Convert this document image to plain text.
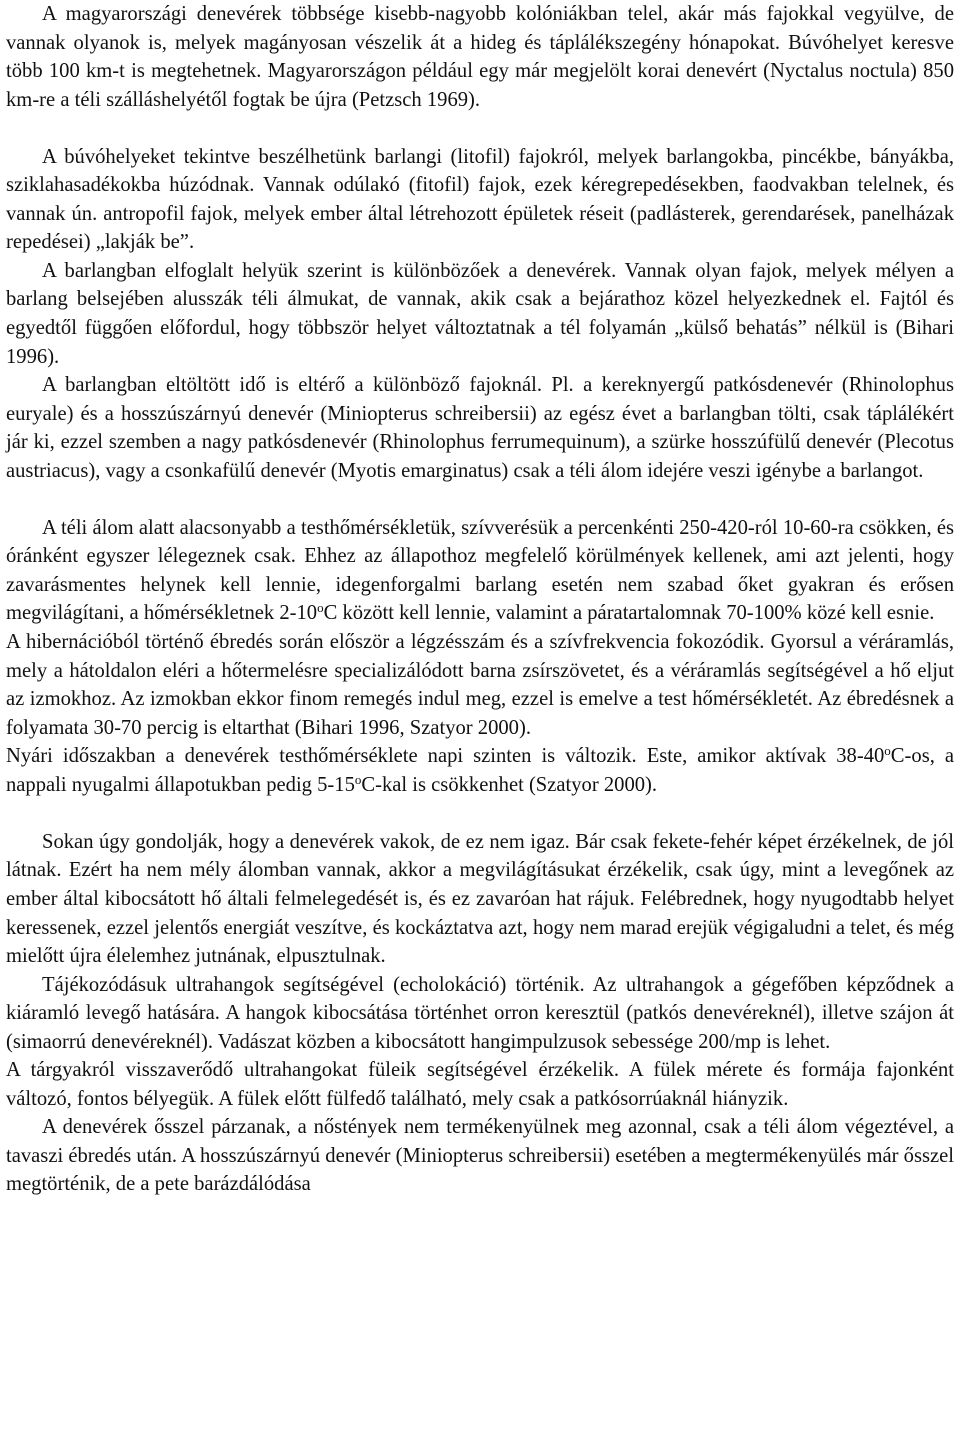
A magyarországi denevérek többsége kisebb-nagyobb kolóniákban telel, akár más fajokkal vegyülve, de vannak olyanok is, melyek magányosan vészelik át a hideg és táplálékszegény hónapokat. Búvóhelyet keresve több 100 km-t is megtehetnek. Magyarországon például egy már megjelölt korai denevért (Nyctalus noctula) 850 km-re a téli szálláshelyétől fogtak be újra (Petzsch 1969).

A búvóhelyeket tekintve beszélhetünk barlangi (litofil) fajokról, melyek barlangokba, pincékbe, bányákba, sziklahasadékokba húzódnak. Vannak odúlakó (fitofil) fajok, ezek kéregrepedésekben, faodvakban telelnek, és vannak ún. antropofil fajok, melyek ember által létrehozott épületek réseit (padlásterek, gerendarések, panelházak repedései) „lakják be”.

A barlangban elfoglalt helyük szerint is különbözőek a denevérek. Vannak olyan fajok, melyek mélyen a barlang belsejében alusszák téli álmukat, de vannak, akik csak a bejárathoz közel helyezkednek el. Fajtól és egyedtől függően előfordul, hogy többször helyet változtatnak a tél folyamán „külső behatás” nélkül is (Bihari 1996).

A barlangban eltöltött idő is eltérő a különböző fajoknál. Pl. a kereknyergű patkósdenevér (Rhinolophus euryale) és a hosszúszárnyú denevér (Miniopterus schreibersii) az egész évet a barlangban tölti, csak táplálékért jár ki, ezzel szemben a nagy patkósdenevér (Rhinolophus ferrumequinum), a szürke hosszúfülű denevér (Plecotus austriacus), vagy a csonkafülű denevér (Myotis emarginatus) csak a téli álom idejére veszi igénybe a barlangot.

A téli álom alatt alacsonyabb a testhőmérsékletük, szívverésük a percenkénti 250-420-ról 10-60-ra csökken, és óránként egyszer lélegeznek csak. Ehhez az állapothoz megfelelő körülmények kellenek, ami azt jelenti, hogy zavarásmentes helynek kell lennie, idegenforgalmi barlang esetén nem szabad őket gyakran és erősen megvilágítani, a hőmérsékletnek 2-10$^o$C között kell lennie, valamint a páratartalomnak 70-100% közé kell esnie.

A hibernációból történő ébredés során először a légzésszám és a szívfrekvencia fokozódik. Gyorsul a véráramlás, mely a hátoldalon eléri a hőtermelésre specializálódott barna zsírszövetet, és a véráramlás segítségével a hő eljut az izmokhoz. Az izmokban ekkor finom remegés indul meg, ezzel is emelve a test hőmérsékletét. Az ébredésnek a folyamata 30-70 percig is eltarthat (Bihari 1996, Szatyor 2000).

Nyári időszakban a denevérek testhőmérséklete napi szinten is változik. Este, amikor aktívak 38-40$^o$C-os, a nappali nyugalmi állapotukban pedig 5-15$^o$C-kal is csökkenhet (Szatyor 2000).

Sokan úgy gondolják, hogy a denevérek vakok, de ez nem igaz. Bár csak fekete-fehér képet érzékelnek, de jól látnak. Ezért ha nem mély álomban vannak, akkor a megvilágításukat érzékelik, csak úgy, mint a levegőnek az ember által kibocsátott hő általi felmelegedését is, és ez zavaróan hat rájuk. Felébrednek, hogy nyugodtabb helyet keressenek, ezzel jelentős energiát veszítve, és kockáztatva azt, hogy nem marad erejük végigaludni a telet, és még mielőtt újra élelemhez jutnának, elpusztulnak.

Tájékozódásuk ultrahangok segítségével (echolokáció) történik. Az ultrahangok a gégefőben képződnek a kiáramló levegő hatására. A hangok kibocsátása történhet orron keresztül (patkós denevéreknél), illetve szájon át (simaorrú denevéreknél). Vadászat közben a kibocsátott hangimpulzusok sebessége 200/mp is lehet.

A tárgyakról visszaverődő ultrahangokat füleik segítségével érzékelik. A fülek mérete és formája fajonként változó, fontos bélyegük. A fülek előtt fülfedő található, mely csak a patkósorrúaknál hiányzik.

A denevérek ősszel párzanak, a nőstények nem termékenyülnek meg azonnal, csak a téli álom végeztével, a tavaszi ébredés után. A hosszúszárnyú denevér (Miniopterus schreibersii) esetében a megtermékenyülés már ősszel megtörténik, de a pete barázdálódása
